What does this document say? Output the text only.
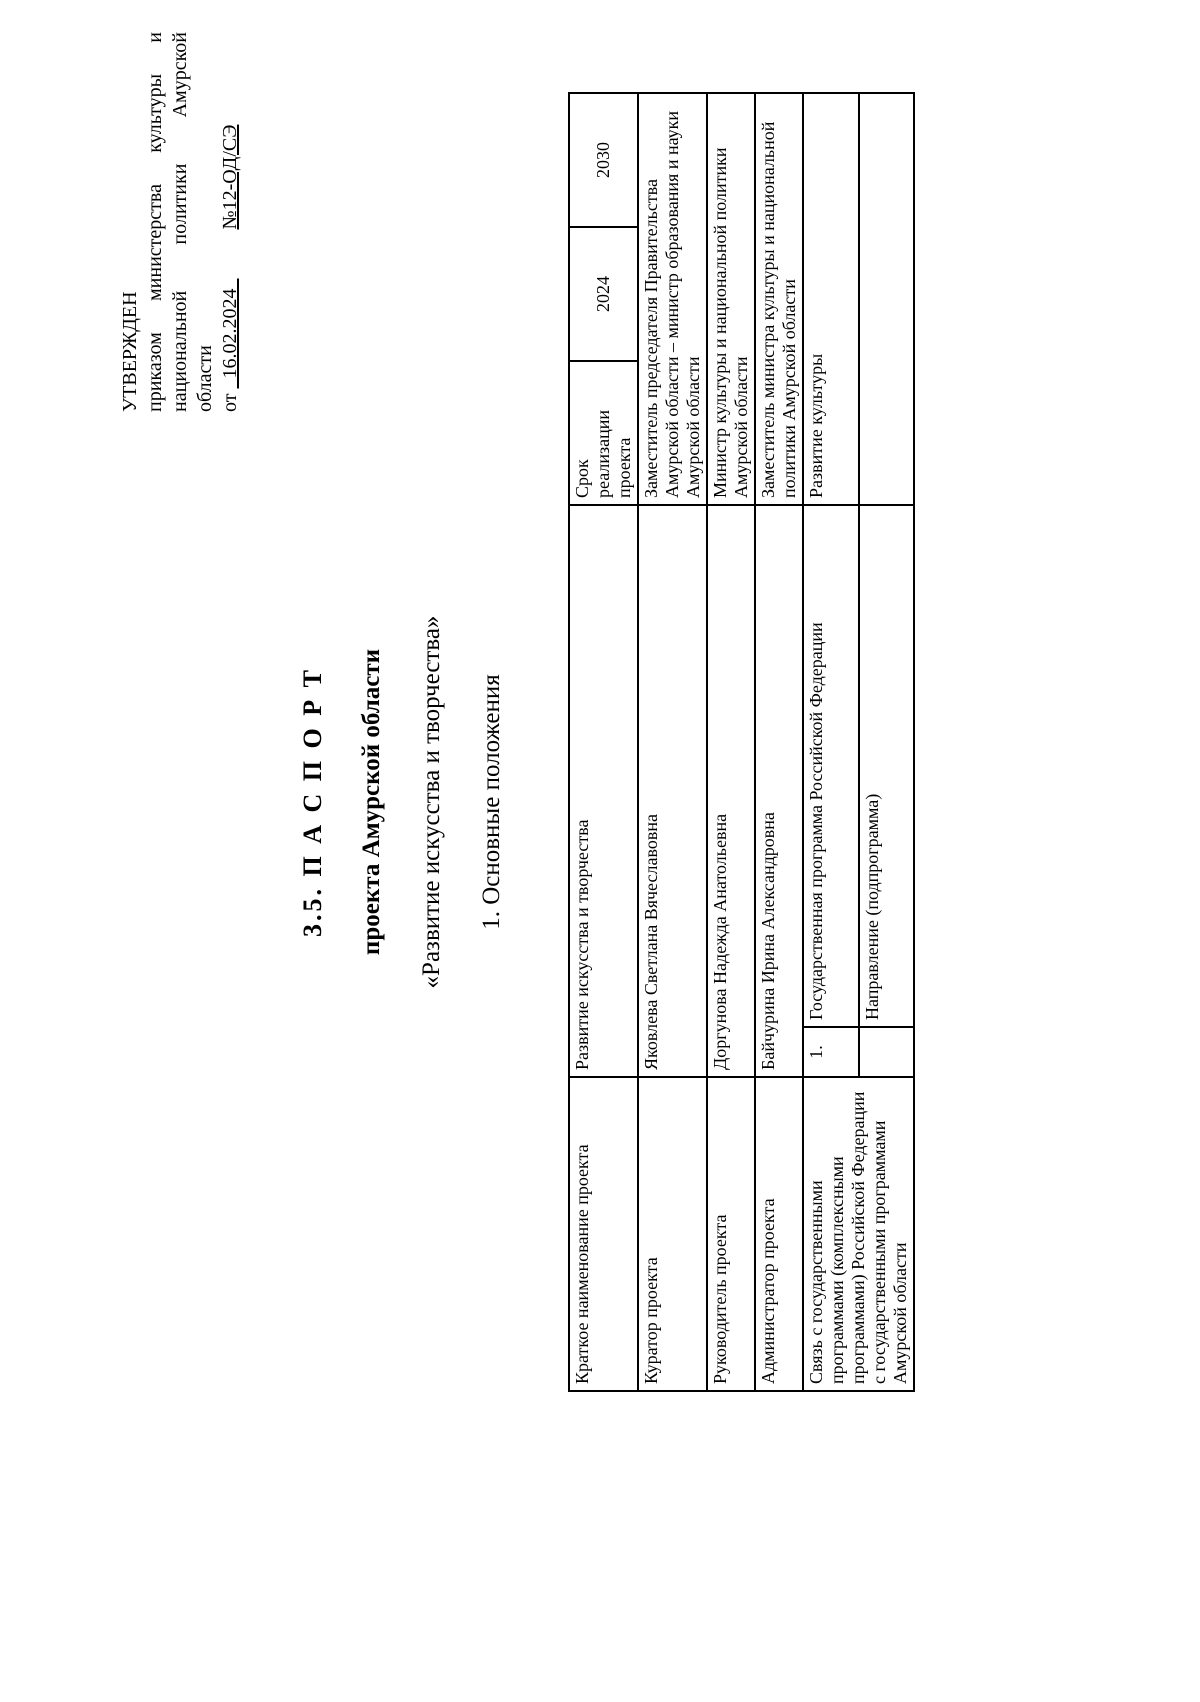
УТВЕРЖДЕН приказом
министерства
культуры
и
национальной
политики
Амурской
области от   16.02.2024   №12-ОД/СЭ
3.5. П А С П О Р Т проекта Амурской области «Развитие искусства и творчества» 1. Основные положения
Краткое наименование проекта	Развитие искусства и творчества		Срок реализации проекта	2024	2030
Куратор проекта	Яковлева Светлана Вячеславовна		Заместитель председателя Правительства Амурской области – министр образования и науки Амурской области		
Руководитель проекта	Доргунова Надежда Анатольевна		Министр культуры и национальной политики Амурской области		
Администратор проекта	Байчурина Ирина Александровна		Заместитель министра культуры и национальной политики Амурской области		
Связь с государственными программами (комплексными программами) Российской Федерации с государственными программами Амурской области	1.	Государственная программа Российской Федерации	Развитие культуры		
		Направление (подпрограмма)			
